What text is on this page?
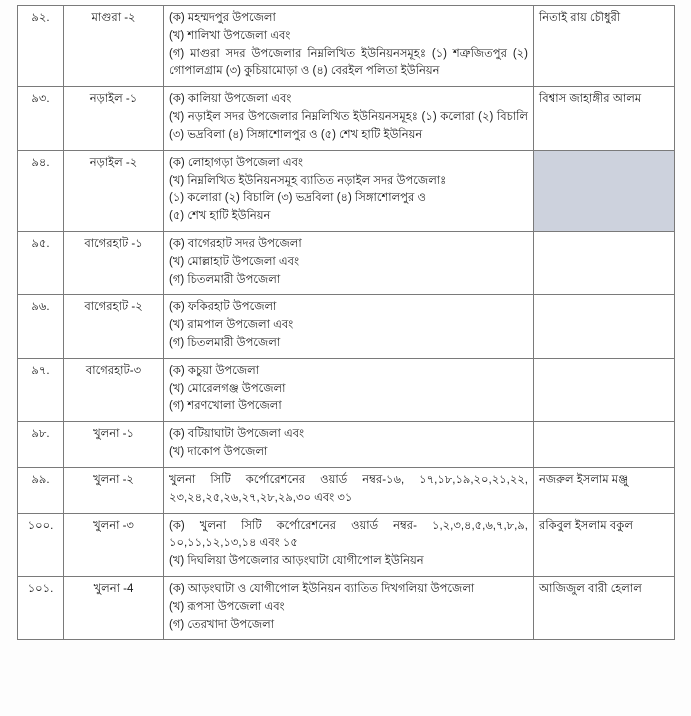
৯২.	মাগুরা -২	(ক) মহম্মদপুর উপজেলা
(খ) শালিখা উপজেলা এবং
(গ) মাগুরা সদর উপজেলার নিম্নলিখিত ইউনিয়নসমূহঃ (১) শত্রুজিতপুর (২) গোপালগ্রাম (৩) কুচিয়ামোড়া ও (৪) বেরইল পলিতা ইউনিয়ন	নিতাই রায় চৌধুরী
৯৩.	নড়াইল -১	(ক) কালিয়া উপজেলা এবং
(খ) নড়াইল সদর উপজেলার নিম্নলিখিত ইউনিয়নসমূহঃ (১) কলোরা (২) বিচালি (৩) ভদ্রবিলা (৪) সিঙ্গাশোলপুর ও (৫) শেখ হাটি ইউনিয়ন	বিশ্বাস জাহাঙ্গীর আলম
৯৪.	নড়াইল -২	(ক) লোহাগড়া উপজেলা এবং
(খ) নিম্নলিখিত ইউনিয়নসমূহ ব্যাতিত নড়াইল সদর উপজেলাঃ
(১) কলোরা (২) বিচালি (৩) ভদ্রবিলা (৪) সিঙ্গাশোলপুর ও
(৫) শেখ হাটি ইউনিয়ন	

৯৫.	বাগেরহাট -১	(ক) বাগেরহাট সদর উপজেলা
(খ) মোল্লাহাট উপজেলা এবং
(গ) চিতলমারী উপজেলা	

৯৬.	বাগেরহাট -২	(ক) ফকিরহাট উপজেলা
(খ) রামপাল উপজেলা এবং
(গ) চিতলমারী উপজেলা	

৯৭.	বাগেরহাট-৩	(ক) কচুয়া উপজেলা
(খ) মোরেলগঞ্জ উপজেলা
(গ) শরণখোলা উপজেলা	

৯৮.	খুলনা -১	(ক) বটিয়াঘাটা উপজেলা এবং
(খ) দাকোপ উপজেলা	

৯৯.	খুলনা -২	খুলনা সিটি কর্পোরেশনের ওয়ার্ড নম্বর-১৬, ১৭,১৮,১৯,২০,২১,২২, ২৩,২৪,২৫,২৬,২৭,২৮,২৯,৩০ এবং ৩১	নজরুল ইসলাম মঞ্জু
১০০.	খুলনা -৩	(ক) খুলনা সিটি কর্পোরেশনের ওয়ার্ড নম্বর- ১,২,৩,৪,৫,৬,৭,৮,৯, ১০,১১,১২,১৩,১৪ এবং ১৫
(খ) দিঘলিয়া উপজেলার আড়ংঘাটা যোগীপোল ইউনিয়ন	রকিবুল ইসলাম বকুল
১০১.	খুলনা -4	(ক) আড়ংঘাটা ও যোগীপোল ইউনিয়ন ব্যাতিত দিখগলিয়া উপজেলা
(খ) রূপসা উপজেলা এবং
(গ) তেরখাদা উপজেলা	আজিজুল বারী হেলাল
